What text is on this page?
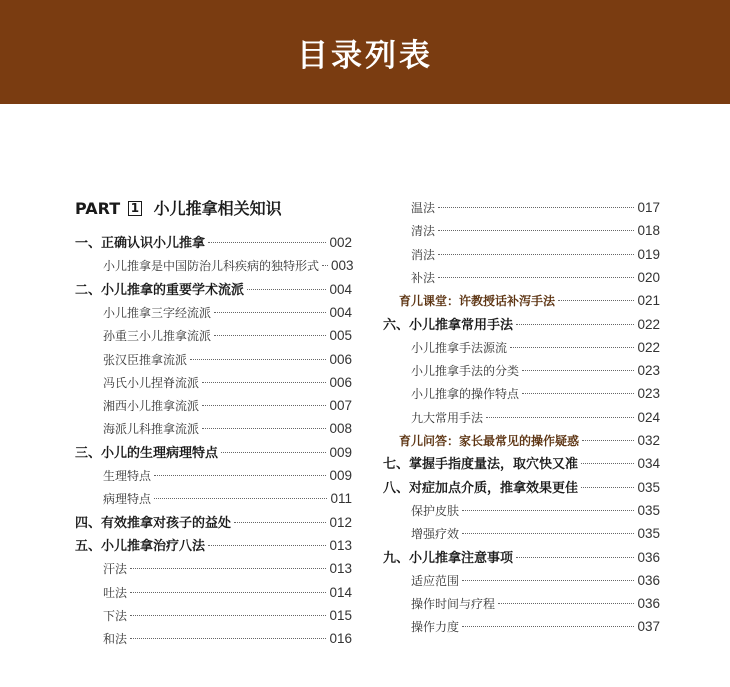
目录列表
PART 1 小儿推拿相关知识
一、正确认识小儿推拿	002
小儿推拿是中国防治儿科疾病的独特形式 003
二、小儿推拿的重要学术流派	004
小儿推拿三字经流派	004
孙重三小儿推拿流派	005
张汉臣推拿流派	006
冯氏小儿捏脊流派	006
湘西小儿推拿流派	007
海派儿科推拿流派	008
三、小儿的生理病理特点	009
生理特点	009
病理特点	011
四、有效推拿对孩子的益处	012
五、小儿推拿治疗八法	013
汗法	013
吐法	014
下法	015
和法	016
温法	017
清法	018
消法	019
补法	020
育儿课堂：许教授话补泻手法	021
六、小儿推拿常用手法	022
小儿推拿手法源流	022
小儿推拿手法的分类	023
小儿推拿的操作特点	023
九大常用手法	024
育儿问答：家长最常见的操作疑惑	032
七、掌握手指度量法，取穴快又准	034
八、对症加点介质，推拿效果更佳	035
保护皮肤	035
增强疗效	035
九、小儿推拿注意事项	036
适应范围	036
操作时间与疗程	036
操作力度	037
